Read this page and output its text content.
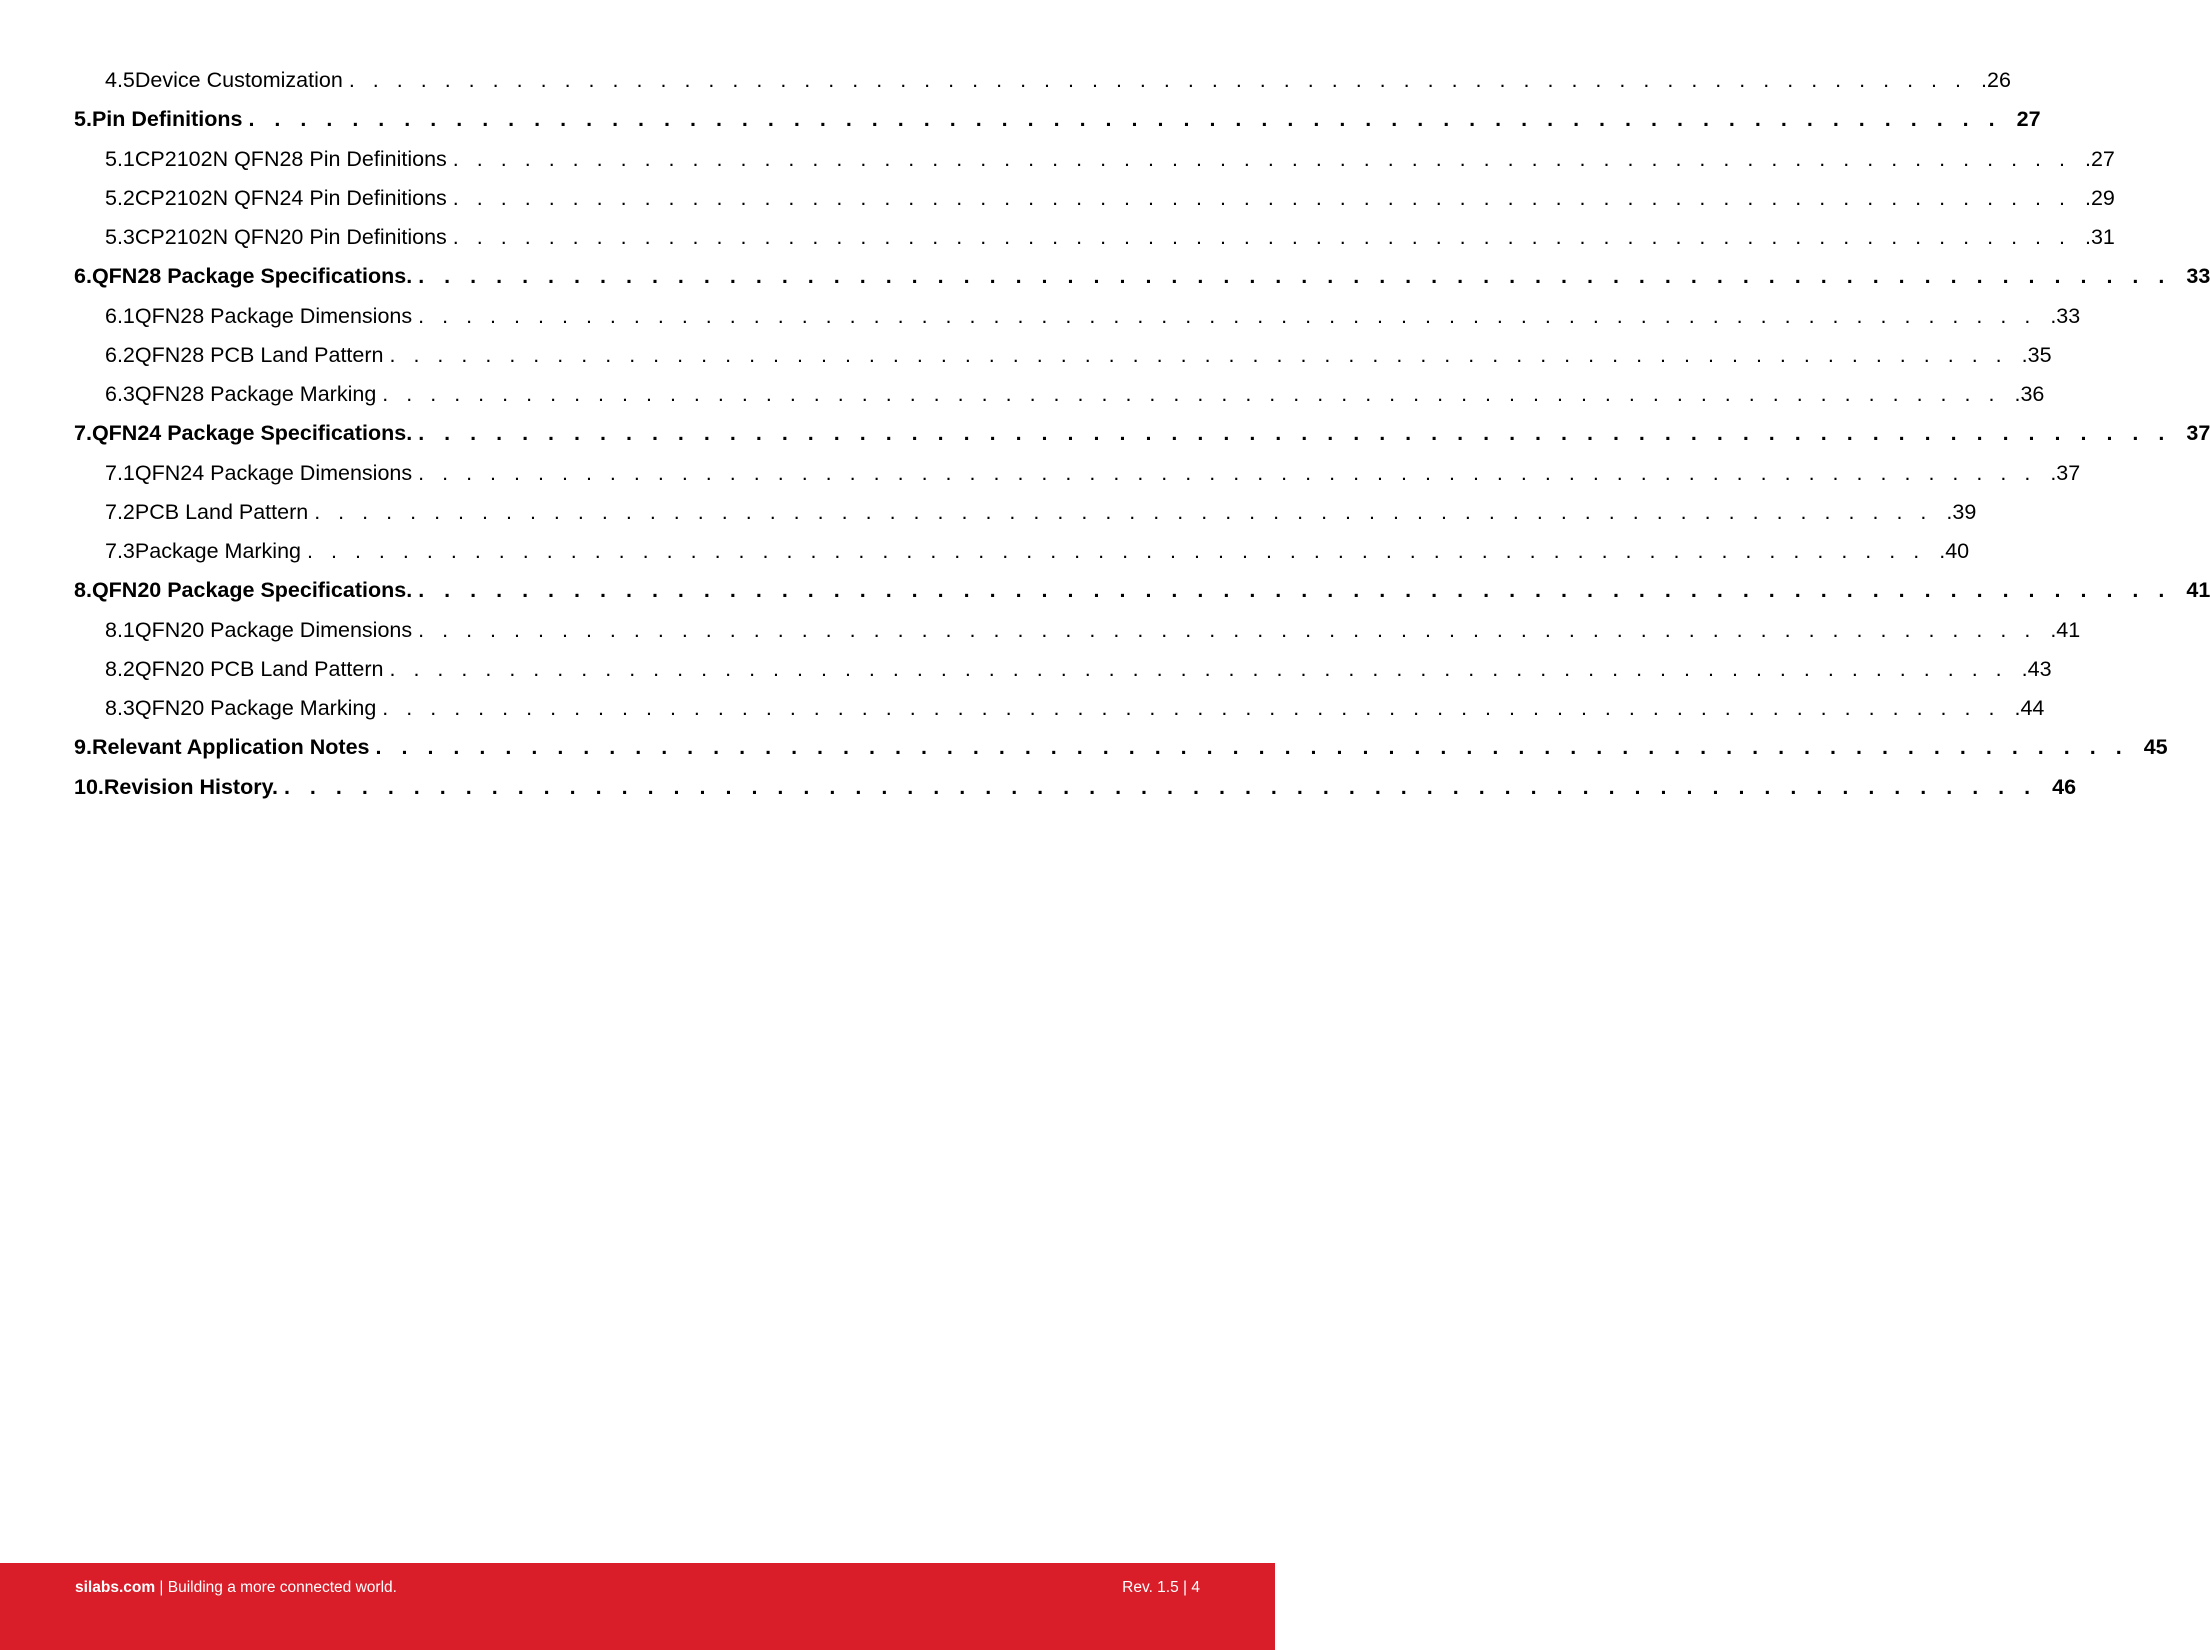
4.5 Device Customization .................................................................... .26
5. Pin Definitions .................................................................... 27
5.1 CP2102N QFN28 Pin Definitions .................................................................... .27
5.2 CP2102N QFN24 Pin Definitions .................................................................... .29
5.3 CP2102N QFN20 Pin Definitions .................................................................... .31
6. QFN28 Package Specifications. .................................................................... 33
6.1 QFN28 Package Dimensions .................................................................... .33
6.2 QFN28 PCB Land Pattern .................................................................... .35
6.3 QFN28 Package Marking .................................................................... .36
7. QFN24 Package Specifications. .................................................................... 37
7.1 QFN24 Package Dimensions .................................................................... .37
7.2 PCB Land Pattern .................................................................... .39
7.3 Package Marking .................................................................... .40
8. QFN20 Package Specifications. .................................................................... 41
8.1 QFN20 Package Dimensions .................................................................... .41
8.2 QFN20 PCB Land Pattern .................................................................... .43
8.3 QFN20 Package Marking .................................................................... .44
9. Relevant Application Notes .................................................................... 45
10. Revision History. .................................................................... 46
silabs.com | Building a more connected world.	Rev. 1.5 | 4
